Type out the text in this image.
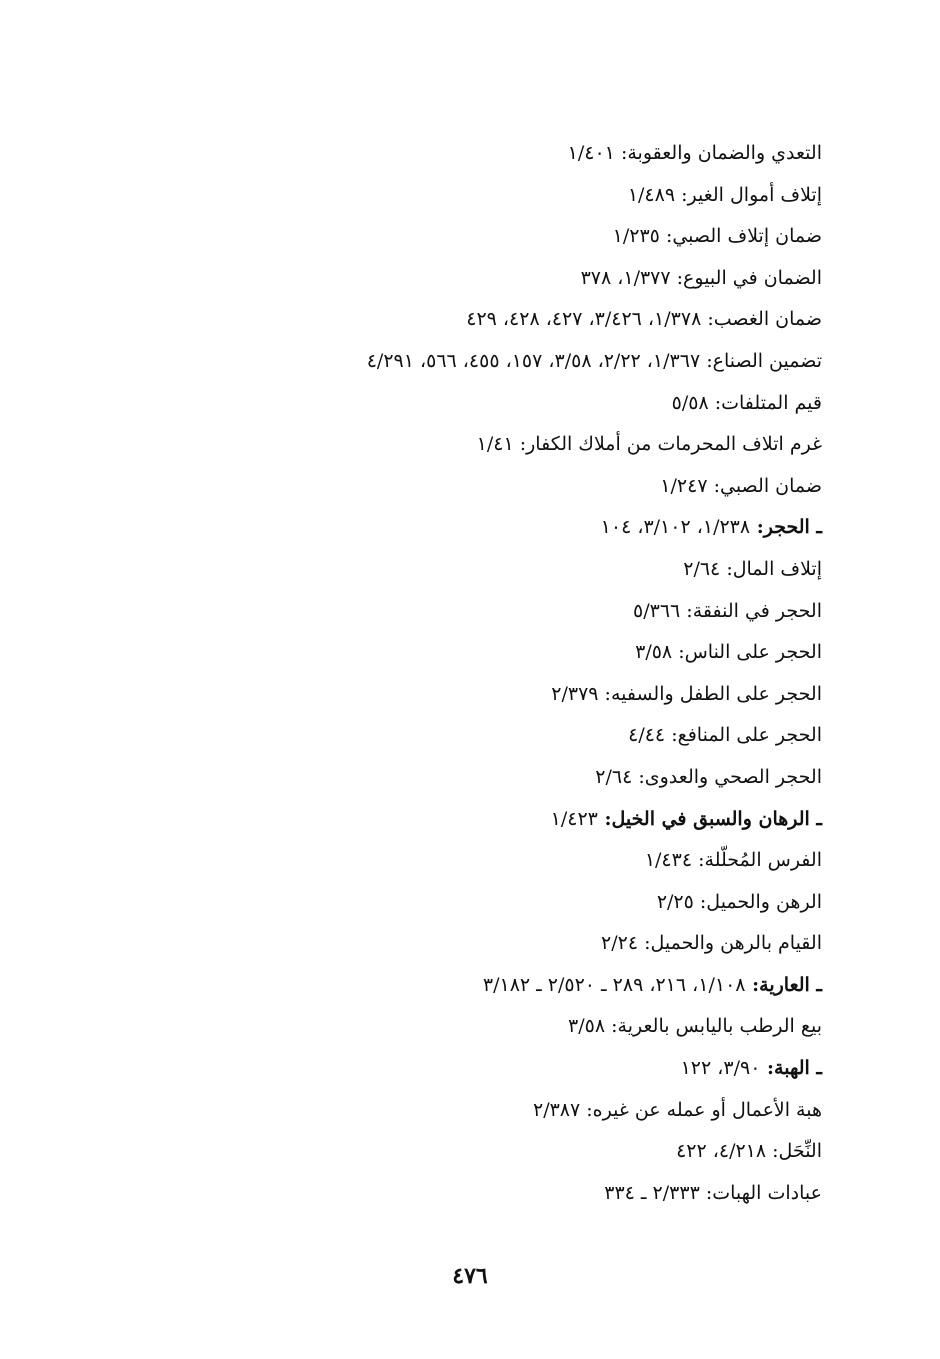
التعدي والضمان والعقوبة: ١/٤٠١
إتلاف أموال الغير: ١/٤٨٩
ضمان إتلاف الصبي: ١/٢٣٥
الضمان في البيوع: ١/٣٧٧، ٣٧٨
ضمان الغصب: ١/٣٧٨، ٣/٤٢٦، ٤٢٧، ٤٢٨، ٤٢٩
تضمين الصناع: ١/٣٦٧، ٢/٢٢، ٣/٥٨، ١٥٧، ٤٥٥، ٥٦٦، ٤/٢٩١
قيم المتلفات: ٥/٥٨
غرم اتلاف المحرمات من أملاك الكفار: ١/٤١
ضمان الصبي: ١/٢٤٧
ـ الحجر: ١/٢٣٨، ٣/١٠٢، ١٠٤
إتلاف المال: ٢/٦٤
الحجر في النفقة: ٥/٣٦٦
الحجر على الناس: ٣/٥٨
الحجر على الطفل والسفيه: ٢/٣٧٩
الحجر على المنافع: ٤/٤٤
الحجر الصحي والعدوى: ٢/٦٤
ـ الرهان والسبق في الخيل: ١/٤٢٣
الفرس المُحلّلة: ١/٤٣٤
الرهن والحميل: ٢/٢٥
القيام بالرهن والحميل: ٢/٢٤
ـ العارية: ١/١٠٨، ٢١٦، ٢٨٩ ـ ٢/٥٢٠ ـ ٣/١٨٢
بيع الرطب باليابس بالعرية: ٣/٥٨
ـ الهبة: ٣/٩٠، ١٢٢
هبة الأعمال أو عمله عن غيره: ٢/٣٨٧
النِّحَل: ٤/٢١٨، ٤٢٢
عبادات الهبات: ٢/٣٣٣ ـ ٣٣٤
٤٧٦
